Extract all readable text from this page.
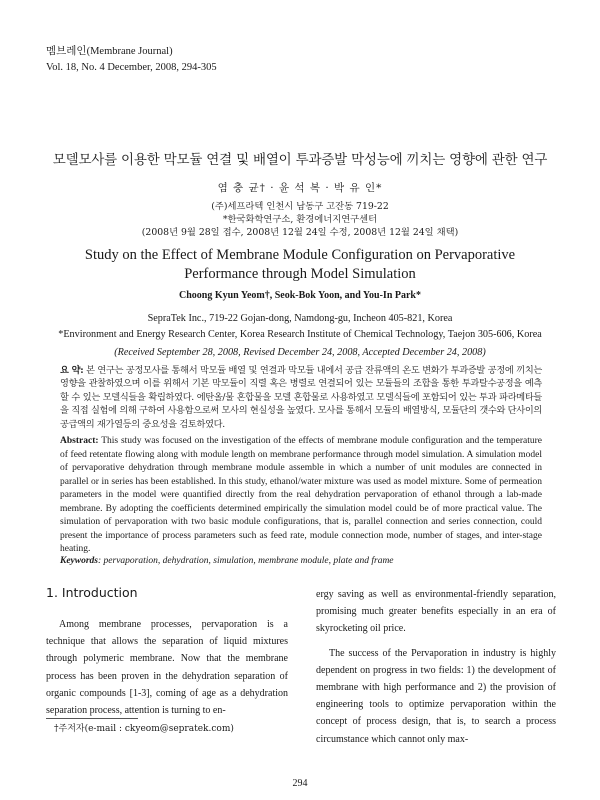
멤브레인(Membrane Journal)
Vol. 18, No. 4 December, 2008, 294-305
모델모사를 이용한 막모듈 연결 및 배열이 투과증발 막성능에 끼치는 영향에 관한 연구
염 충 균† · 윤 석 복 · 박 유 인*
(주)세프라텍 인천시 남동구 고잔동 719-22
*한국화학연구소, 환경에너지연구센터
(2008년 9월 28일 접수, 2008년 12월 24일 수정, 2008년 12월 24일 채택)
Study on the Effect of Membrane Module Configuration on Pervaporative Performance through Model Simulation
Choong Kyun Yeom†, Seok-Bok Yoon, and You-In Park*
SepraTek Inc., 719-22 Gojan-dong, Namdong-gu, Incheon 405-821, Korea
*Environment and Energy Research Center, Korea Research Institute of Chemical Technology, Taejon 305-606, Korea
(Received September 28, 2008, Revised December 24, 2008, Accepted December 24, 2008)
요 약: 본 연구는 공정모사를 통해서 막모듈 배열 및 연결과 막모듈 내에서 공급 잔류액의 온도 변화가 투과증발 공정에 끼치는 영향을 관찰하였으며 이를 위해서 기본 막모듈이 직렬 혹은 병렬로 연결되어 있는 모듈들의 조합을 통한 투과탈수공정을 예측할 수 있는 모델식들을 확립하였다. 에탄올/물 혼합물을 모델 혼합물로 사용하였고 모델식들에 포함되어 있는 투과 파라메타들을 직접 실험에 의해 구하여 사용함으로써 모사의 현실성을 높였다. 모사를 통해서 모듈의 배열방식, 모듈단의 갯수와 단사이의 공급액의 재가열등의 중요성을 검토하였다.
Abstract: This study was focused on the investigation of the effects of membrane module configuration and the temperature of feed retentate flowing along with module length on membrane performance through model simulation. A simulation model of pervaporative dehydration through membrane module assemble in which a number of unit modules are connected in parallel or in series has been established. In this study, ethanol/water mixture was used as model mixture. Some of permeation parameters in the model were quantified directly from the real dehydration pervaporation of ethanol through a lab-made membrane. By adopting the coefficients determined empirically the simulation model could be of more practical value. The simulation of pervaporation with two basic module configurations, that is, parallel connection and series connection, could present the importance of process parameters such as feed rate, module connection mode, number of stages, and inter-stage heating.
Keywords: pervaporation, dehydration, simulation, membrane module, plate and frame
1. Introduction
Among membrane processes, pervaporation is a technique that allows the separation of liquid mixtures through polymeric membrane. Now that the membrane process has been proven in the dehydration separation of organic compounds [1-3], coming of age as a dehydration separation process, attention is turning to en-

ergy saving as well as environmental-friendly separation, promising much greater benefits especially in an era of skyrocketing oil price.

The success of the Pervaporation in industry is highly dependent on progress in two fields: 1) the development of membrane with high performance and 2) the provision of engineering tools to optimize pervaporation within the concept of process design, that is, to search a process circumstance which cannot only max-

†주저자(e-mail : ckyeom@sepratek.com)
294
